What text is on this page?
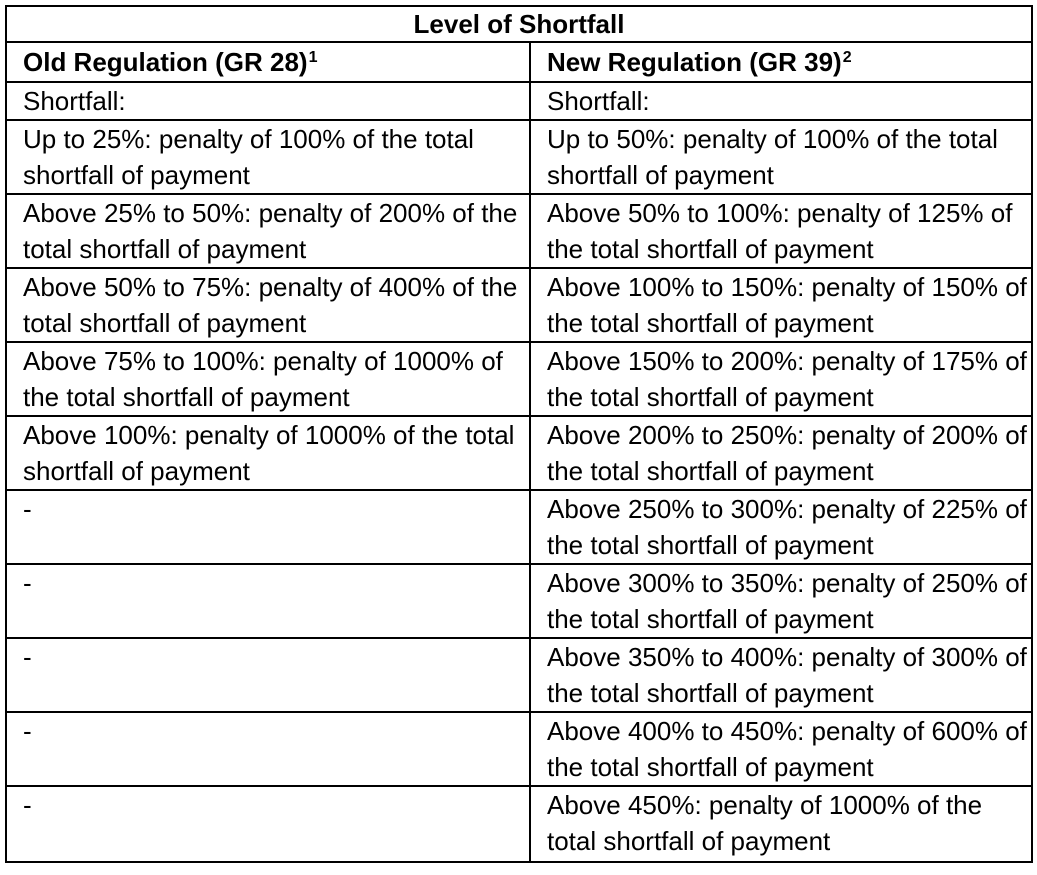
Level of Shortfall	
Old Regulation (GR 28)$^1$	New Regulation (GR 39)$^2$
Shortfall:	Shortfall:
Up to 25%: penalty of 100% of the total shortfall of payment	Up to 50%: penalty of 100% of the total shortfall of payment
Above 25% to 50%: penalty of 200% of the total shortfall of payment	Above 50% to 100%: penalty of 125% of the total shortfall of payment
Above 50% to 75%: penalty of 400% of the total shortfall of payment	Above 100% to 150%: penalty of 150% of the total shortfall of payment
Above 75% to 100%: penalty of 1000% of the total shortfall of payment	Above 150% to 200%: penalty of 175% of the total shortfall of payment
Above 100%: penalty of 1000% of the total shortfall of payment	Above 200% to 250%: penalty of 200% of the total shortfall of payment
-	Above 250% to 300%: penalty of 225% of the total shortfall of payment
-	Above 300% to 350%: penalty of 250% of the total shortfall of payment
-	Above 350% to 400%: penalty of 300% of the total shortfall of payment
-	Above 400% to 450%: penalty of 600% of the total shortfall of payment
-	Above 450%: penalty of 1000% of the total shortfall of payment
